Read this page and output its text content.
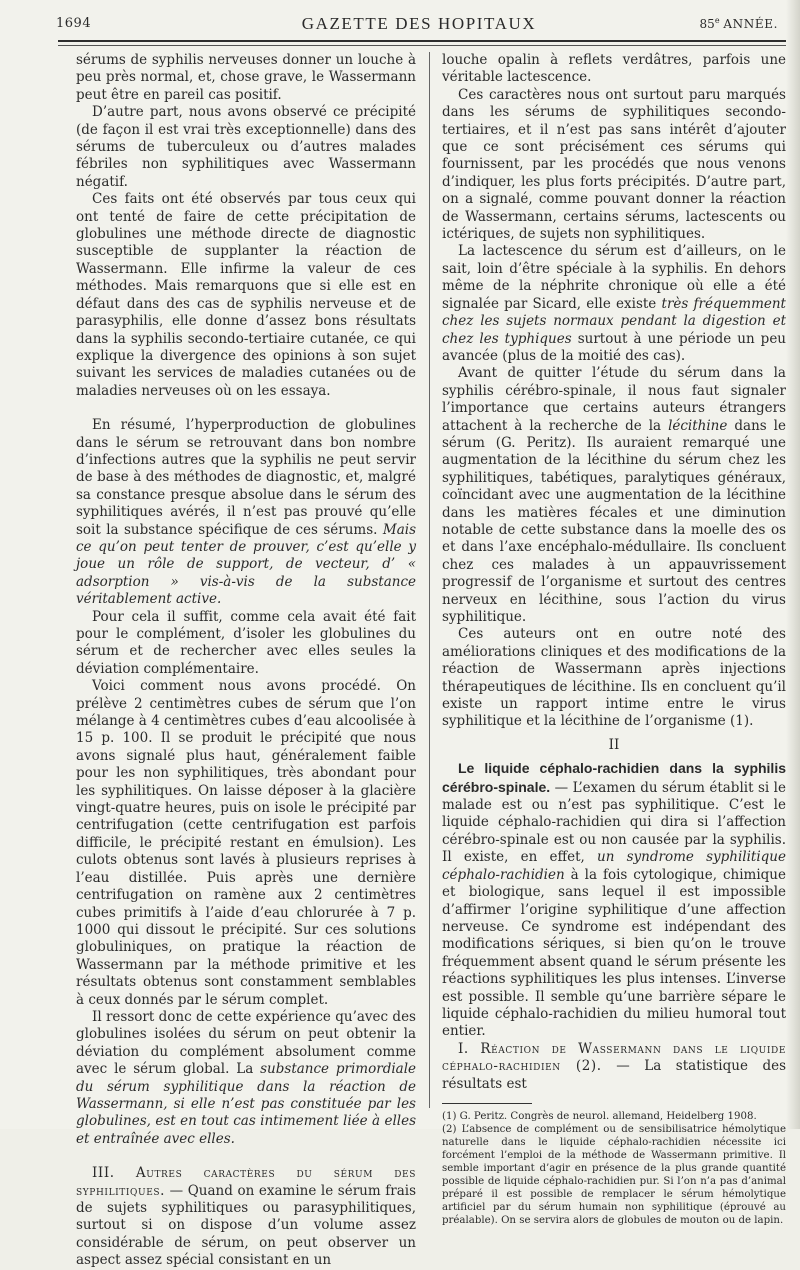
1694	GAZETTE DES HOPITAUX	85e ANNÉE.

sérums de syphilis nerveuses donner un louche à peu près normal, et, chose grave, le Wassermann peut être en pareil cas positif.

D’autre part, nous avons observé ce précipité (de façon il est vrai très exceptionnelle) dans des sérums de tuberculeux ou d’autres malades fébriles non syphilitiques avec Wassermann négatif.

Ces faits ont été observés par tous ceux qui ont tenté de faire de cette précipitation de globulines une méthode directe de diagnostic susceptible de supplanter la réaction de Wassermann. Elle infirme la valeur de ces méthodes. Mais remarquons que si elle est en défaut dans des cas de syphilis nerveuse et de parasyphilis, elle donne d’assez bons résultats dans la syphilis secondo-tertiaire cutanée, ce qui explique la divergence des opinions à son sujet suivant les services de maladies cutanées ou de maladies nerveuses où on les essaya.

En résumé, l’hyperproduction de globulines dans le sérum se retrouvant dans bon nombre d’infections autres que la syphilis ne peut servir de base à des méthodes de diagnostic, et, malgré sa constance presque absolue dans le sérum des syphilitiques avérés, il n’est pas prouvé qu’elle soit la substance spécifique de ces sérums. Mais ce qu’on peut tenter de prouver, c’est qu’elle y joue un rôle de support, de vecteur, d’ « adsorption » vis-à-vis de la substance véritablement active.

Pour cela il suffit, comme cela avait été fait pour le complément, d’isoler les globulines du sérum et de rechercher avec elles seules la déviation complémentaire.

Voici comment nous avons procédé. On prélève 2 centimètres cubes de sérum que l’on mélange à 4 centimètres cubes d’eau alcoolisée à 15 p. 100. Il se produit le précipité que nous avons signalé plus haut, généralement faible pour les non syphilitiques, très abondant pour les syphilitiques. On laisse déposer à la glacière vingt-quatre heures, puis on isole le précipité par centrifugation (cette centrifugation est parfois difficile, le précipité restant en émulsion). Les culots obtenus sont lavés à plusieurs reprises à l’eau distillée. Puis après une dernière centrifugation on ramène aux 2 centimètres cubes primitifs à l’aide d’eau chlorurée à 7 p. 1000 qui dissout le précipité. Sur ces solutions globuliniques, on pratique la réaction de Wassermann par la méthode primitive et les résultats obtenus sont constamment semblables à ceux donnés par le sérum complet.

Il ressort donc de cette expérience qu’avec des globulines isolées du sérum on peut obtenir la déviation du complément absolument comme avec le sérum global. La substance primordiale du sérum syphilitique dans la réaction de Wassermann, si elle n’est pas constituée par les globulines, est en tout cas intimement liée à elles et entraînée avec elles.

III. Autres caractères du sérum des syphilitiques. — Quand on examine le sérum frais de sujets syphilitiques ou parasyphilitiques, surtout si on dispose d’un volume assez considérable de sérum, on peut observer un aspect assez spécial consistant en un

louche opalin à reflets verdâtres, parfois une véritable lactescence.

Ces caractères nous ont surtout paru marqués dans les sérums de syphilitiques secondo-tertiaires, et il n’est pas sans intérêt d’ajouter que ce sont précisément ces sérums qui fournissent, par les procédés que nous venons d’indiquer, les plus forts précipités. D’autre part, on a signalé, comme pouvant donner la réaction de Wassermann, certains sérums, lactescents ou ictériques, de sujets non syphilitiques.

La lactescence du sérum est d’ailleurs, on le sait, loin d’être spéciale à la syphilis. En dehors même de la néphrite chronique où elle a été signalée par Sicard, elle existe très fréquemment chez les sujets normaux pendant la digestion et chez les typhiques surtout à une période un peu avancée (plus de la moitié des cas).

Avant de quitter l’étude du sérum dans la syphilis cérébro-spinale, il nous faut signaler l’importance que certains auteurs étrangers attachent à la recherche de la lécithine dans le sérum (G. Peritz). Ils auraient remarqué une augmentation de la lécithine du sérum chez les syphilitiques, tabétiques, paralytiques généraux, coïncidant avec une augmentation de la lécithine dans les matières fécales et une diminution notable de cette substance dans la moelle des os et dans l’axe encéphalo-médullaire. Ils concluent chez ces malades à un appauvrissement progressif de l’organisme et surtout des centres nerveux en lécithine, sous l’action du virus syphilitique.

Ces auteurs ont en outre noté des améliorations cliniques et des modifications de la réaction de Wassermann après injections thérapeutiques de lécithine. Ils en concluent qu’il existe un rapport intime entre le virus syphilitique et la lécithine de l’organisme (1).

II

Le liquide céphalo-rachidien dans la syphilis cérébro-spinale. — L’examen du sérum établit si le malade est ou n’est pas syphilitique. C’est le liquide céphalo-rachidien qui dira si l’affection cérébro-spinale est ou non causée par la syphilis. Il existe, en effet, un syndrome syphilitique céphalo-rachidien à la fois cytologique, chimique et biologique, sans lequel il est impossible d’affirmer l’origine syphilitique d’une affection nerveuse. Ce syndrome est indépendant des modifications sériques, si bien qu’on le trouve fréquemment absent quand le sérum présente les réactions syphilitiques les plus intenses. L’inverse est possible. Il semble qu’une barrière sépare le liquide céphalo-rachidien du milieu humoral tout entier.

I. Réaction de Wassermann dans le liquide céphalo-rachidien (2). — La statistique des résultats est

(1) G. Peritz. Congrès de neurol. allemand, Heidelberg 1908.

(2) L’absence de complément ou de sensibilisatrice hémolytique naturelle dans le liquide céphalo-rachidien nécessite ici forcément l’emploi de la méthode de Wassermann primitive. Il semble important d’agir en présence de la plus grande quantité possible de liquide céphalo-rachidien pur. Si l’on n’a pas d’animal préparé il est possible de remplacer le sérum hémolytique artificiel par du sérum humain non syphilitique (éprouvé au préalable). On se servira alors de globules de mouton ou de lapin.
